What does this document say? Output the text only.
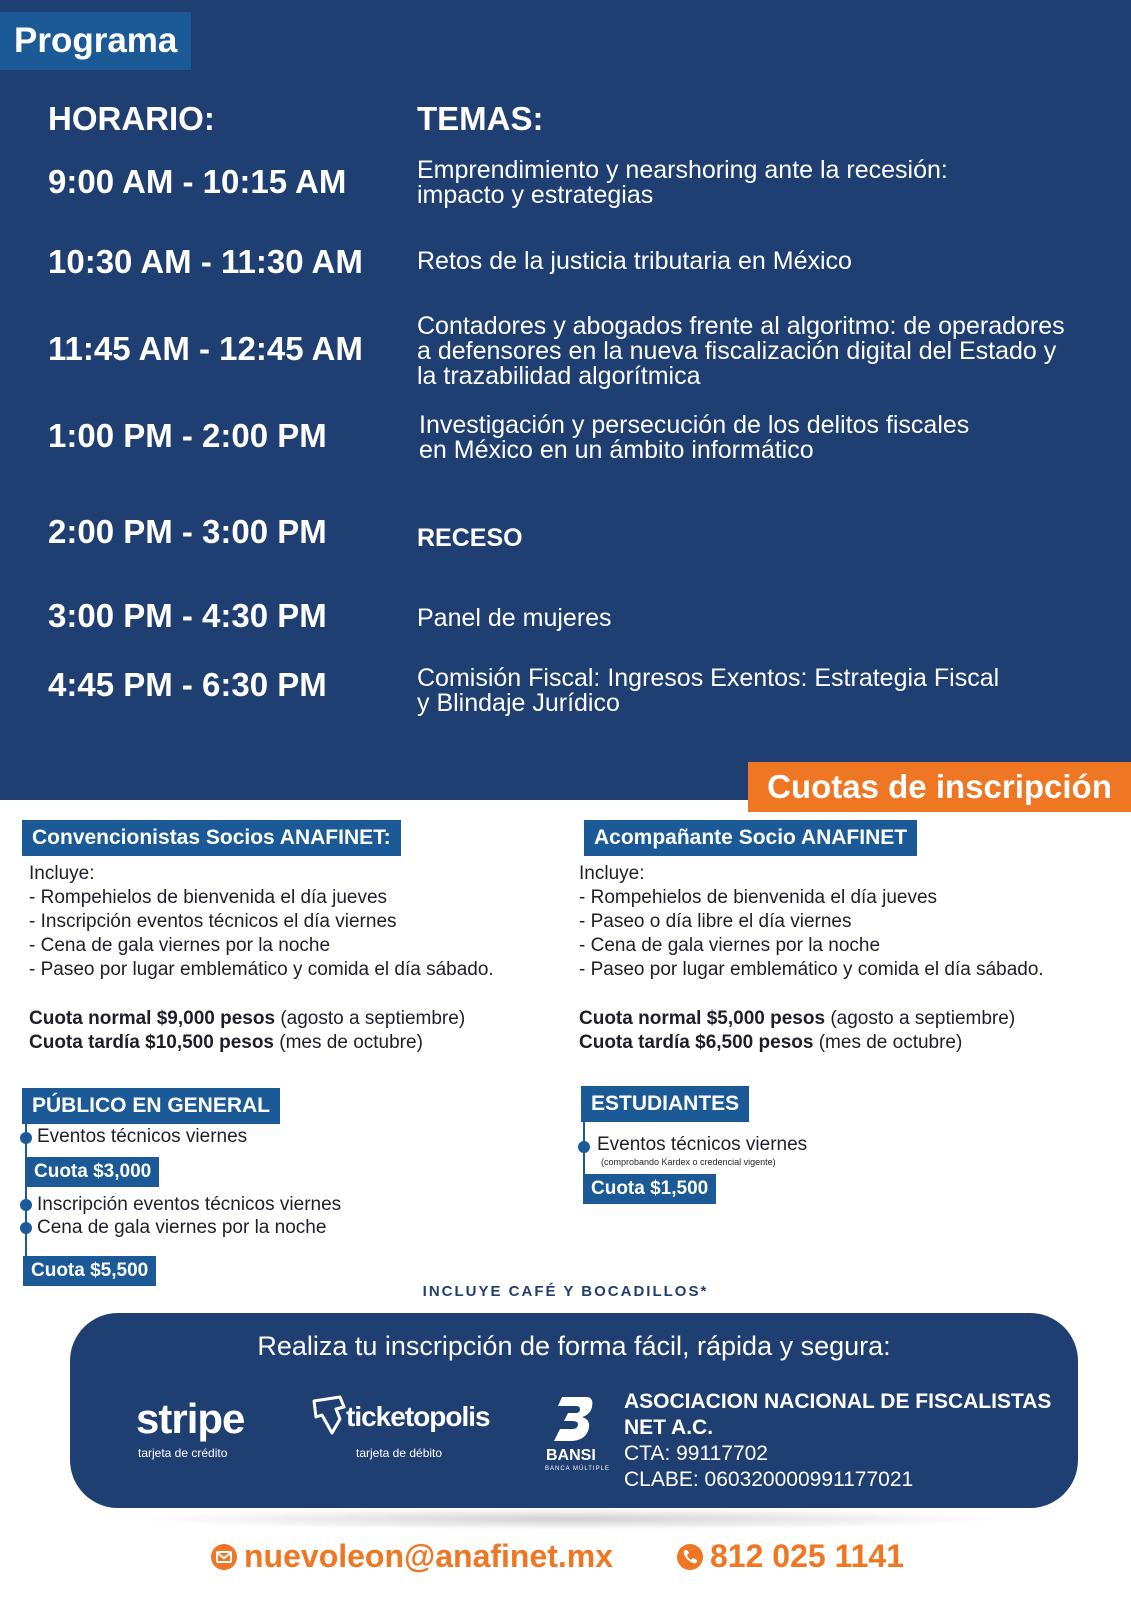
Programa
HORARIO:	TEMAS:
9:00 AM - 10:15 AM	Emprendimiento y nearshoring ante la recesión:
impacto y estrategias
10:30 AM - 11:30 AM Retos de la justicia tributaria en México
11:45 AM - 12:45 AM
Contadores y abogados frente al algoritmo: de operadores
a defensores en la nueva fiscalización digital del Estado y
la trazabilidad algorítmica
1:00 PM - 2:00 PM	Investigación y persecución de los delitos fiscales
en México en un ámbito informático
2:00 PM - 3:00 PM	RECESO
3:00 PM - 4:30 PM	Panel de mujeres
4:45 PM - 6:30 PM	Comisión Fiscal: Ingresos Exentos: Estrategia Fiscal
y Blindaje Jurídico
Cuotas de inscripción
Convencionistas Socios ANAFINET:
Incluye:
- Rompehielos de bienvenida el día jueves
- Inscripción eventos técnicos el día viernes
- Cena de gala viernes por la noche
- Paseo por lugar emblemático y comida el día sábado.
Cuota normal $9,000 pesos (agosto a septiembre)
Cuota tardía $10,500 pesos (mes de octubre)
Acompañante Socio ANAFINET
Incluye:
- Rompehielos de bienvenida el día jueves
- Paseo o día libre el día viernes
- Cena de gala viernes por la noche
- Paseo por lugar emblemático y comida el día sábado.
Cuota normal $5,000 pesos (agosto a septiembre)
Cuota tardía $6,500 pesos (mes de octubre)
PÚBLICO EN GENERAL
Eventos técnicos viernes
Cuota $3,000
Inscripción eventos técnicos viernes
Cena de gala viernes por la noche
Cuota $5,500
ESTUDIANTES
Eventos técnicos viernes
(comprobando Kardex o credencial vigente)
Cuota $1,500
INCLUYE CAFÉ Y BOCADILLOS*
Realiza tu inscripción de forma fácil, rápida y segura:
stripe
tarjeta de crédito
ticketopolis
tarjeta de débito	BANSI
BANCA MÚLTIPLE
ASOCIACION NACIONAL DE FISCALISTAS
NET A.C.
CTA: 99117702
CLABE: 060320000991177021
nuevoleon@anafinet.mx	812 025 1141
